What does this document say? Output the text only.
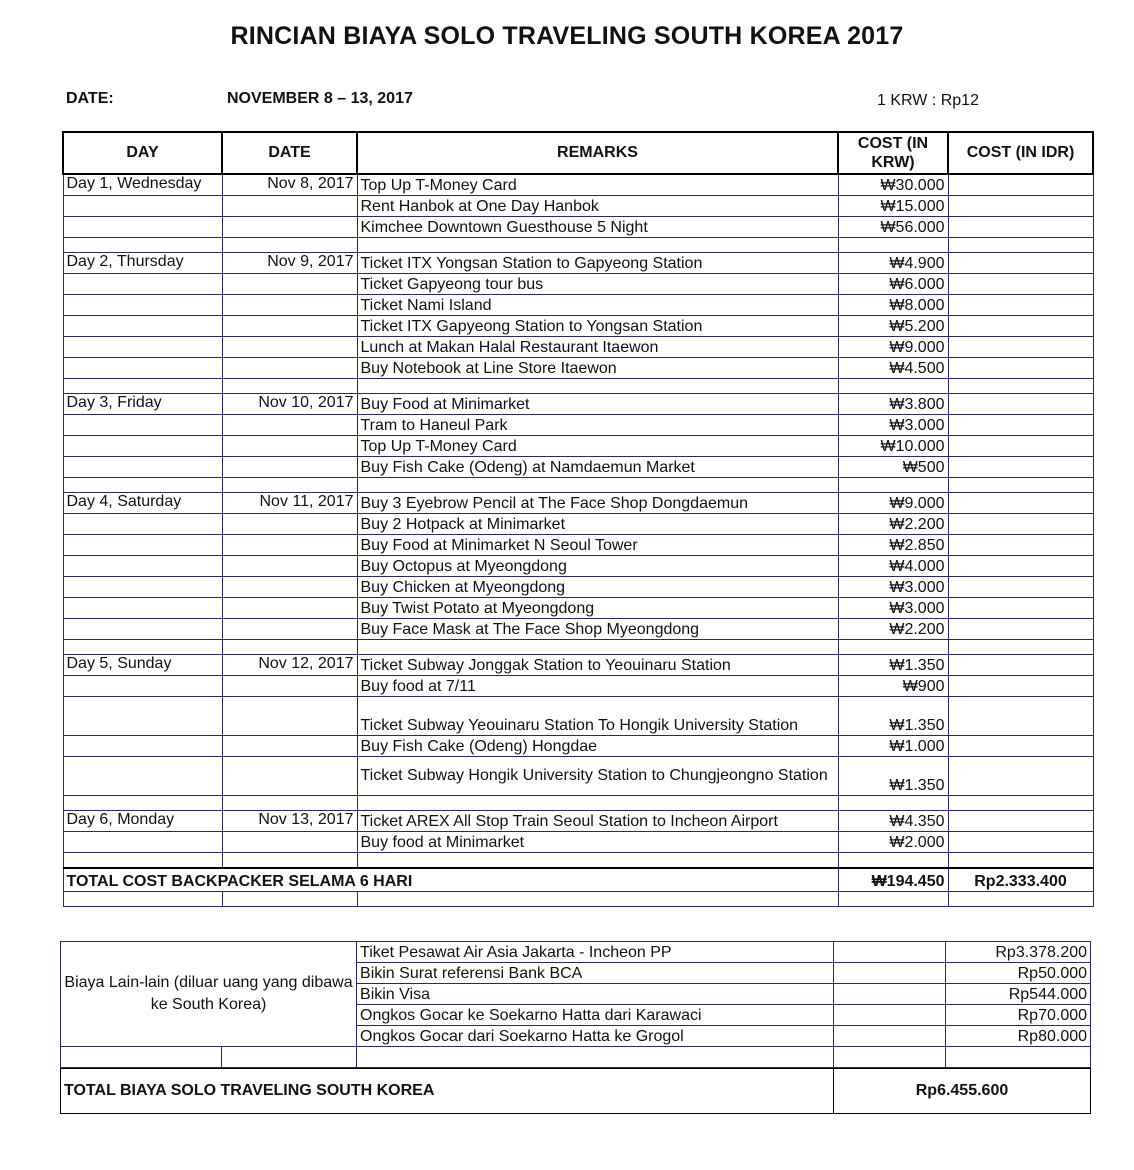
RINCIAN BIAYA SOLO TRAVELING SOUTH KOREA 2017
DATE:	NOVEMBER 8 – 13, 2017	1 KRW : Rp12
DAY	DATE	REMARKS	COST (IN KRW)	COST (IN IDR)
Day 1, Wednesday	Nov 8, 2017	Top Up T-Money Card	₩30.000	
		Rent Hanbok at One Day Hanbok	₩15.000	
		Kimchee Downtown Guesthouse 5 Night	₩56.000	

Day 2, Thursday	Nov 9, 2017	Ticket ITX Yongsan Station to Gapyeong Station	₩4.900	
		Ticket Gapyeong tour bus	₩6.000	
		Ticket Nami Island	₩8.000	
		Ticket ITX Gapyeong Station to Yongsan Station	₩5.200	
		Lunch at Makan Halal Restaurant Itaewon	₩9.000	
		Buy Notebook at Line Store Itaewon	₩4.500	

Day 3, Friday	Nov 10, 2017	Buy Food at Minimarket	₩3.800	
		Tram to Haneul Park	₩3.000	
		Top Up T-Money Card	₩10.000	
		Buy Fish Cake (Odeng) at Namdaemun Market	₩500	

Day 4, Saturday	Nov 11, 2017	Buy 3 Eyebrow Pencil at The Face Shop Dongdaemun	₩9.000	
		Buy 2 Hotpack at Minimarket	₩2.200	
		Buy Food at Minimarket N Seoul Tower	₩2.850	
		Buy Octopus at Myeongdong	₩4.000	
		Buy Chicken at Myeongdong	₩3.000	
		Buy Twist Potato at Myeongdong	₩3.000	
		Buy Face Mask at The Face Shop Myeongdong	₩2.200	

Day 5, Sunday	Nov 12, 2017	Ticket Subway Jonggak Station to Yeouinaru Station	₩1.350	
		Buy food at 7/11	₩900	
		Ticket Subway Yeouinaru Station To Hongik University Station	₩1.350	
		Buy Fish Cake (Odeng) Hongdae	₩1.000	
		Ticket Subway Hongik University Station to Chungjeongno Station	₩1.350	

Day 6, Monday	Nov 13, 2017	Ticket AREX All Stop Train Seoul Station to Incheon Airport	₩4.350	
		Buy food at Minimarket	₩2.000	

TOTAL COST BACKPACKER SELAMA 6 HARI			₩194.450	Rp2.333.400

Biaya Lain-lain (diluar uang yang dibawa ke South Korea)		Tiket Pesawat Air Asia Jakarta - Incheon PP		Rp3.378.200
		Bikin Surat referensi Bank BCA		Rp50.000
		Bikin Visa		Rp544.000
		Ongkos Gocar ke Soekarno Hatta dari Karawaci		Rp70.000
		Ongkos Gocar dari Soekarno Hatta ke Grogol		Rp80.000

TOTAL BIAYA SOLO TRAVELING SOUTH KOREA	Rp6.455.600
